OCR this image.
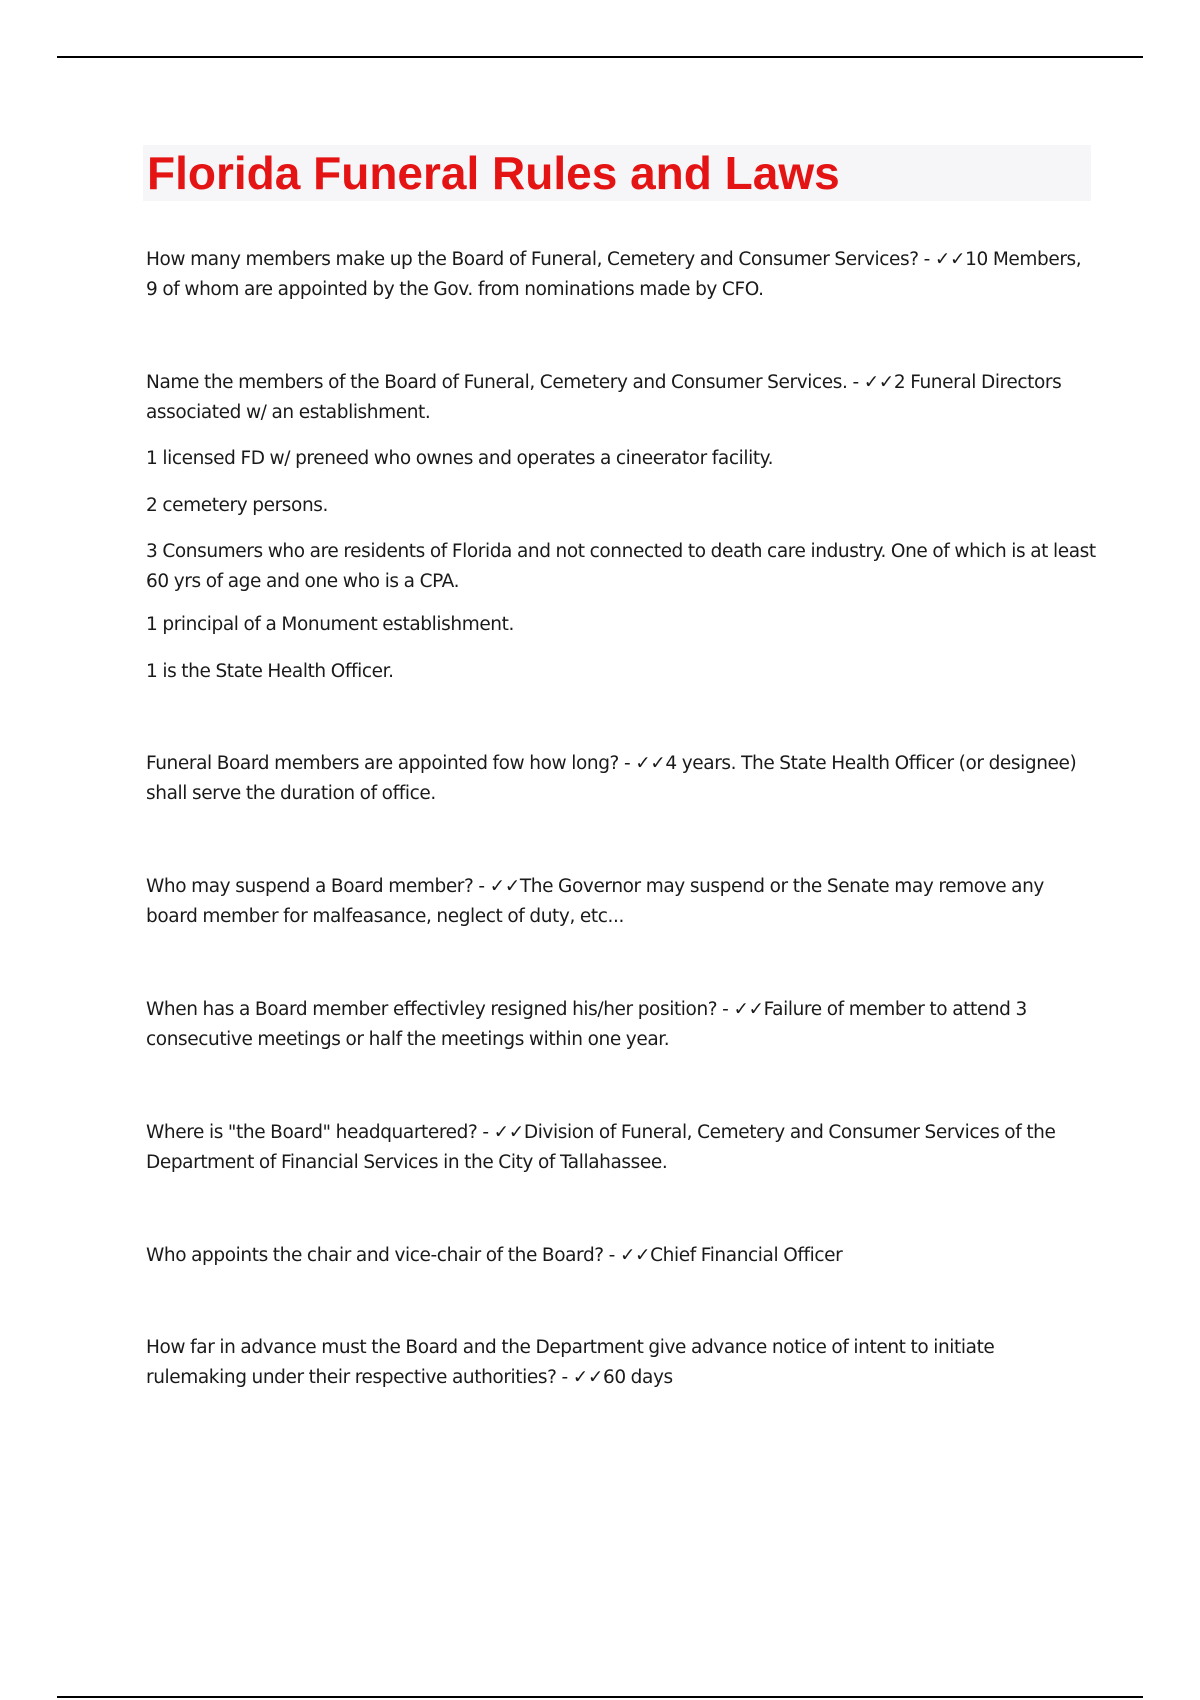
Florida Funeral Rules and Laws

How many members make up the Board of Funeral, Cemetery and Consumer Services? - ✓✓10 Members, 9 of whom are appointed by the Gov. from nominations made by CFO.

Name the members of the Board of Funeral, Cemetery and Consumer Services. - ✓✓2 Funeral Directors associated w/ an establishment.

1 licensed FD w/ preneed who ownes and operates a cineerator facility.

2 cemetery persons.

3 Consumers who are residents of Florida and not connected to death care industry. One of which is at least 60 yrs of age and one who is a CPA.

1 principal of a Monument establishment.

1 is the State Health Officer.

Funeral Board members are appointed fow how long? - ✓✓4 years. The State Health Officer (or designee) shall serve the duration of office.

Who may suspend a Board member? - ✓✓The Governor may suspend or the Senate may remove any board member for malfeasance, neglect of duty, etc...

When has a Board member effectivley resigned his/her position? - ✓✓Failure of member to attend 3 consecutive meetings or half the meetings within one year.

Where is "the Board" headquartered? - ✓✓Division of Funeral, Cemetery and Consumer Services of the Department of Financial Services in the City of Tallahassee.

Who appoints the chair and vice-chair of the Board? - ✓✓Chief Financial Officer

How far in advance must the Board and the Department give advance notice of intent to initiate rulemaking under their respective authorities? - ✓✓60 days
